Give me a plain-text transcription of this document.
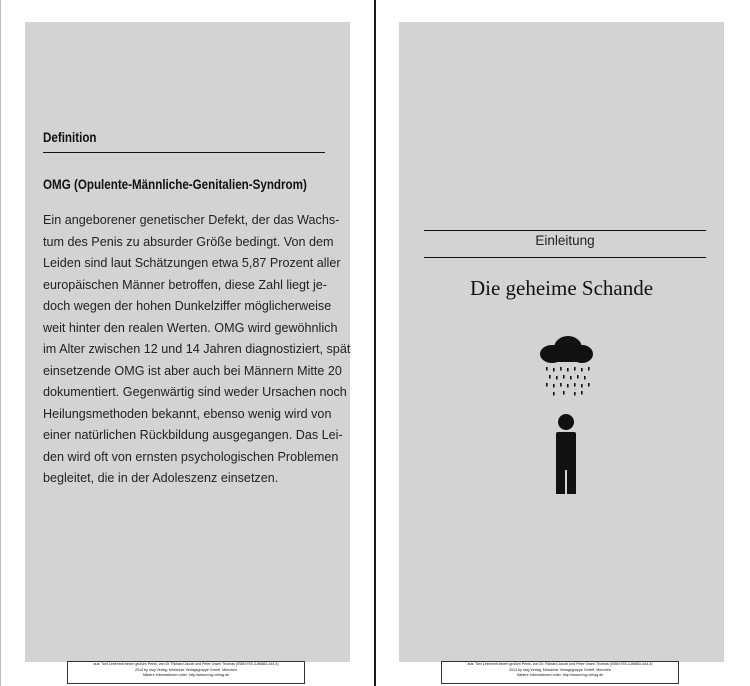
Definition
OMG (Opulente-Männliche-Genitalien-Syndrom)
Ein angeborener genetischer Defekt, der das Wachs-
tum des Penis zu absurder Größe bedingt. Von dem
Leiden sind laut Schätzungen etwa 5,87 Prozent aller
europäischen Männer betroffen, diese Zahl liegt je-
doch wegen der hohen Dunkelziffer möglicherweise
weit hinter den realen Werten. OMG wird gewöhnlich
im Alter zwischen 12 und 14 Jahren diagnostiziert, spät
einsetzende OMG ist aber auch bei Männern Mitte 20
dokumentiert. Gegenwärtig sind weder Ursachen noch
Heilungsmethoden bekannt, ebenso wenig wird von
einer natürlichen Rückbildung ausgegangen. Das Lei-
den wird oft von ernsten psychologischen Problemen
begleitet, die in der Adoleszenz einsetzen.
aus: Toni Lebenmit einem großen Penis, von Dr. Richard Jacob und Peter Owen Thomas (ISBN 978-3-86883-444-4)
2014 by mvg Verlag, Münchner Verlagsgruppe GmbH, München
Nähere Informationen unter: http://www.mvg-verlag.de
Einleitung
Die geheime Schande
aus: Toni Lebenmit einem großen Penis, von Dr. Richard Jacob und Peter Owen Thomas (ISBN 978-3-86883-444-4)
2014 by mvg Verlag, Münchner Verlagsgruppe GmbH, München
Nähere Informationen unter: http://www.mvg-verlag.de
